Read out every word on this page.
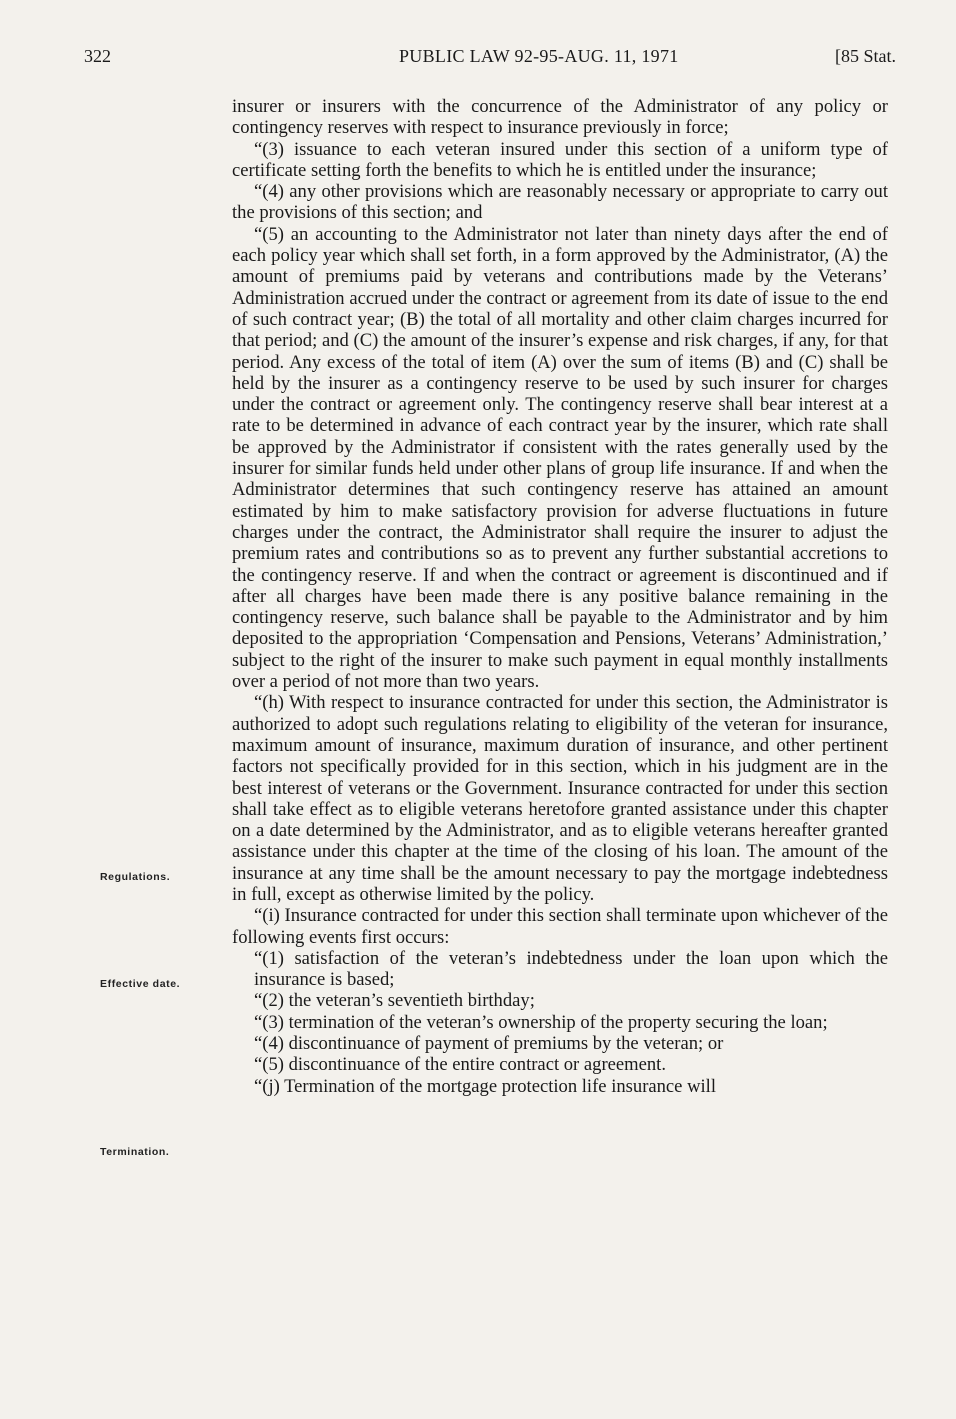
322	PUBLIC LAW 92-95-AUG. 11, 1971	[85 Stat.
Regulations.
Effective date.
Termination.

insurer or insurers with the concurrence of the Administrator of any policy or contingency reserves with respect to insurance previously in force;

“(3) issuance to each veteran insured under this section of a uniform type of certificate setting forth the benefits to which he is entitled under the insurance;

“(4) any other provisions which are reasonably necessary or appropriate to carry out the provisions of this section; and

“(5) an accounting to the Administrator not later than ninety days after the end of each policy year which shall set forth, in a form approved by the Administrator, (A) the amount of premiums paid by veterans and contributions made by the Veterans’ Administration accrued under the contract or agreement from its date of issue to the end of such contract year; (B) the total of all mortality and other claim charges incurred for that period; and (C) the amount of the insurer’s expense and risk charges, if any, for that period. Any excess of the total of item (A) over the sum of items (B) and (C) shall be held by the insurer as a contingency reserve to be used by such insurer for charges under the contract or agreement only. The contingency reserve shall bear interest at a rate to be determined in advance of each contract year by the insurer, which rate shall be approved by the Administrator if consistent with the rates generally used by the insurer for similar funds held under other plans of group life insurance. If and when the Administrator determines that such contingency reserve has attained an amount estimated by him to make satisfactory provision for adverse fluctuations in future charges under the contract, the Administrator shall require the insurer to adjust the premium rates and contributions so as to prevent any further substantial accretions to the contingency reserve. If and when the contract or agreement is discontinued and if after all charges have been made there is any positive balance remaining in the contingency reserve, such balance shall be payable to the Administrator and by him deposited to the appropriation ‘Compensation and Pensions, Veterans’ Administration,’ subject to the right of the insurer to make such payment in equal monthly installments over a period of not more than two years.

“(h) With respect to insurance contracted for under this section, the Administrator is authorized to adopt such regulations relating to eligibility of the veteran for insurance, maximum amount of insurance, maximum duration of insurance, and other pertinent factors not specifically provided for in this section, which in his judgment are in the best interest of veterans or the Government. Insurance contracted for under this section shall take effect as to eligible veterans heretofore granted assistance under this chapter on a date determined by the Administrator, and as to eligible veterans hereafter granted assistance under this chapter at the time of the closing of his loan. The amount of the insurance at any time shall be the amount necessary to pay the mortgage indebtedness in full, except as otherwise limited by the policy.

“(i) Insurance contracted for under this section shall terminate upon whichever of the following events first occurs:

“(1) satisfaction of the veteran’s indebtedness under the loan upon which the insurance is based;

“(2) the veteran’s seventieth birthday;

“(3) termination of the veteran’s ownership of the property securing the loan;

“(4) discontinuance of payment of premiums by the veteran; or

“(5) discontinuance of the entire contract or agreement.

“(j) Termination of the mortgage protection life insurance will
